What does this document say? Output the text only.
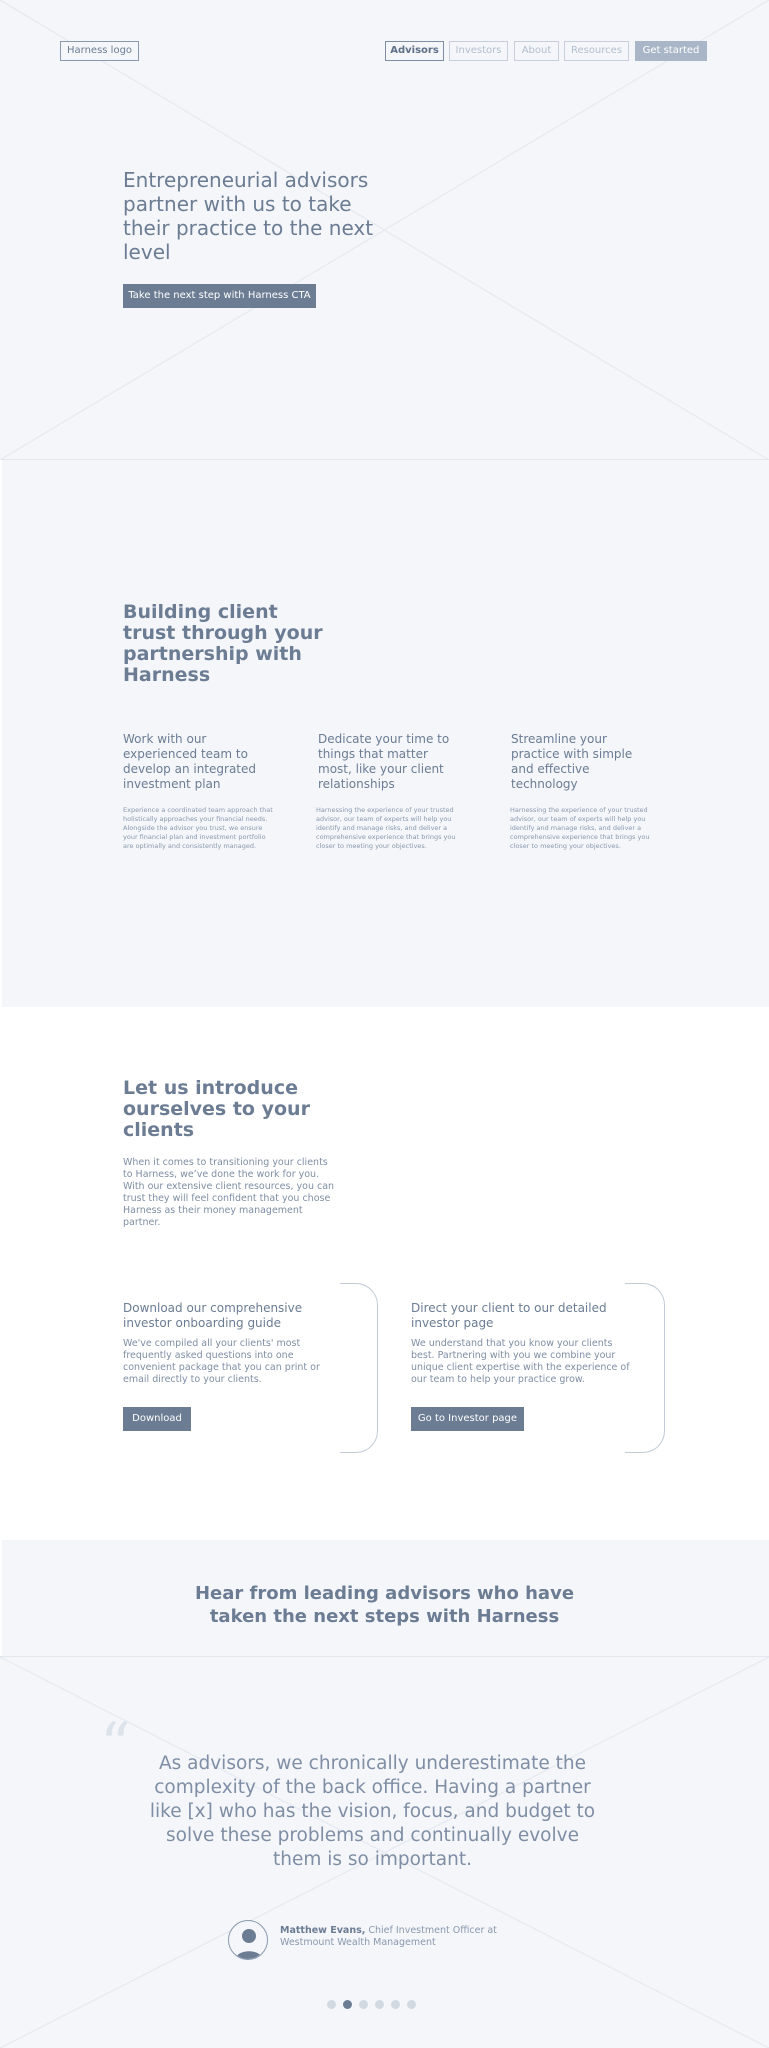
Harness logo	Advisors	Investors	About	Resources	Get started
Entrepreneurial advisors partner with us to take their practice to the next level
Take the next step with Harness CTA
Building client trust through your partnership with Harness
Work with our experienced team to develop an integrated investment plan
Experience a coordinated team approach that holistically approaches your financial needs. Alongside the advisor you trust, we ensure your financial plan and investment portfolio are optimally and consistently managed.
Dedicate your time to things that matter most, like your client relationships
Harnessing the experience of your trusted advisor, our team of experts will help you identify and manage risks, and deliver a comprehensive experience that brings you closer to meeting your objectives.
Streamline your practice with simple and effective technology
Harnessing the experience of your trusted advisor, our team of experts will help you identify and manage risks, and deliver a comprehensive experience that brings you closer to meeting your objectives.
Let us introduce ourselves to your clients
When it comes to transitioning your clients to Harness, we’ve done the work for you. With our extensive client resources, you can trust they will feel confident that you chose Harness as their money management partner.
Download our comprehensive investor onboarding guide
We've compiled all your clients' most frequently asked questions into one convenient package that you can print or email directly to your clients.
Download
Direct your client to our detailed investor page
We understand that you know your clients best. Partnering with you we combine your unique client expertise with the experience of our team to help your practice grow.
Go to Investor page
Hear from leading advisors who have taken the next steps with Harness
“	As advisors, we chronically underestimate the complexity of the back office. Having a partner like [x] who has the vision, focus, and budget to solve these problems and continually evolve them is so important.
Matthew Evans, Chief Investment Officer at Westmount Wealth Management
